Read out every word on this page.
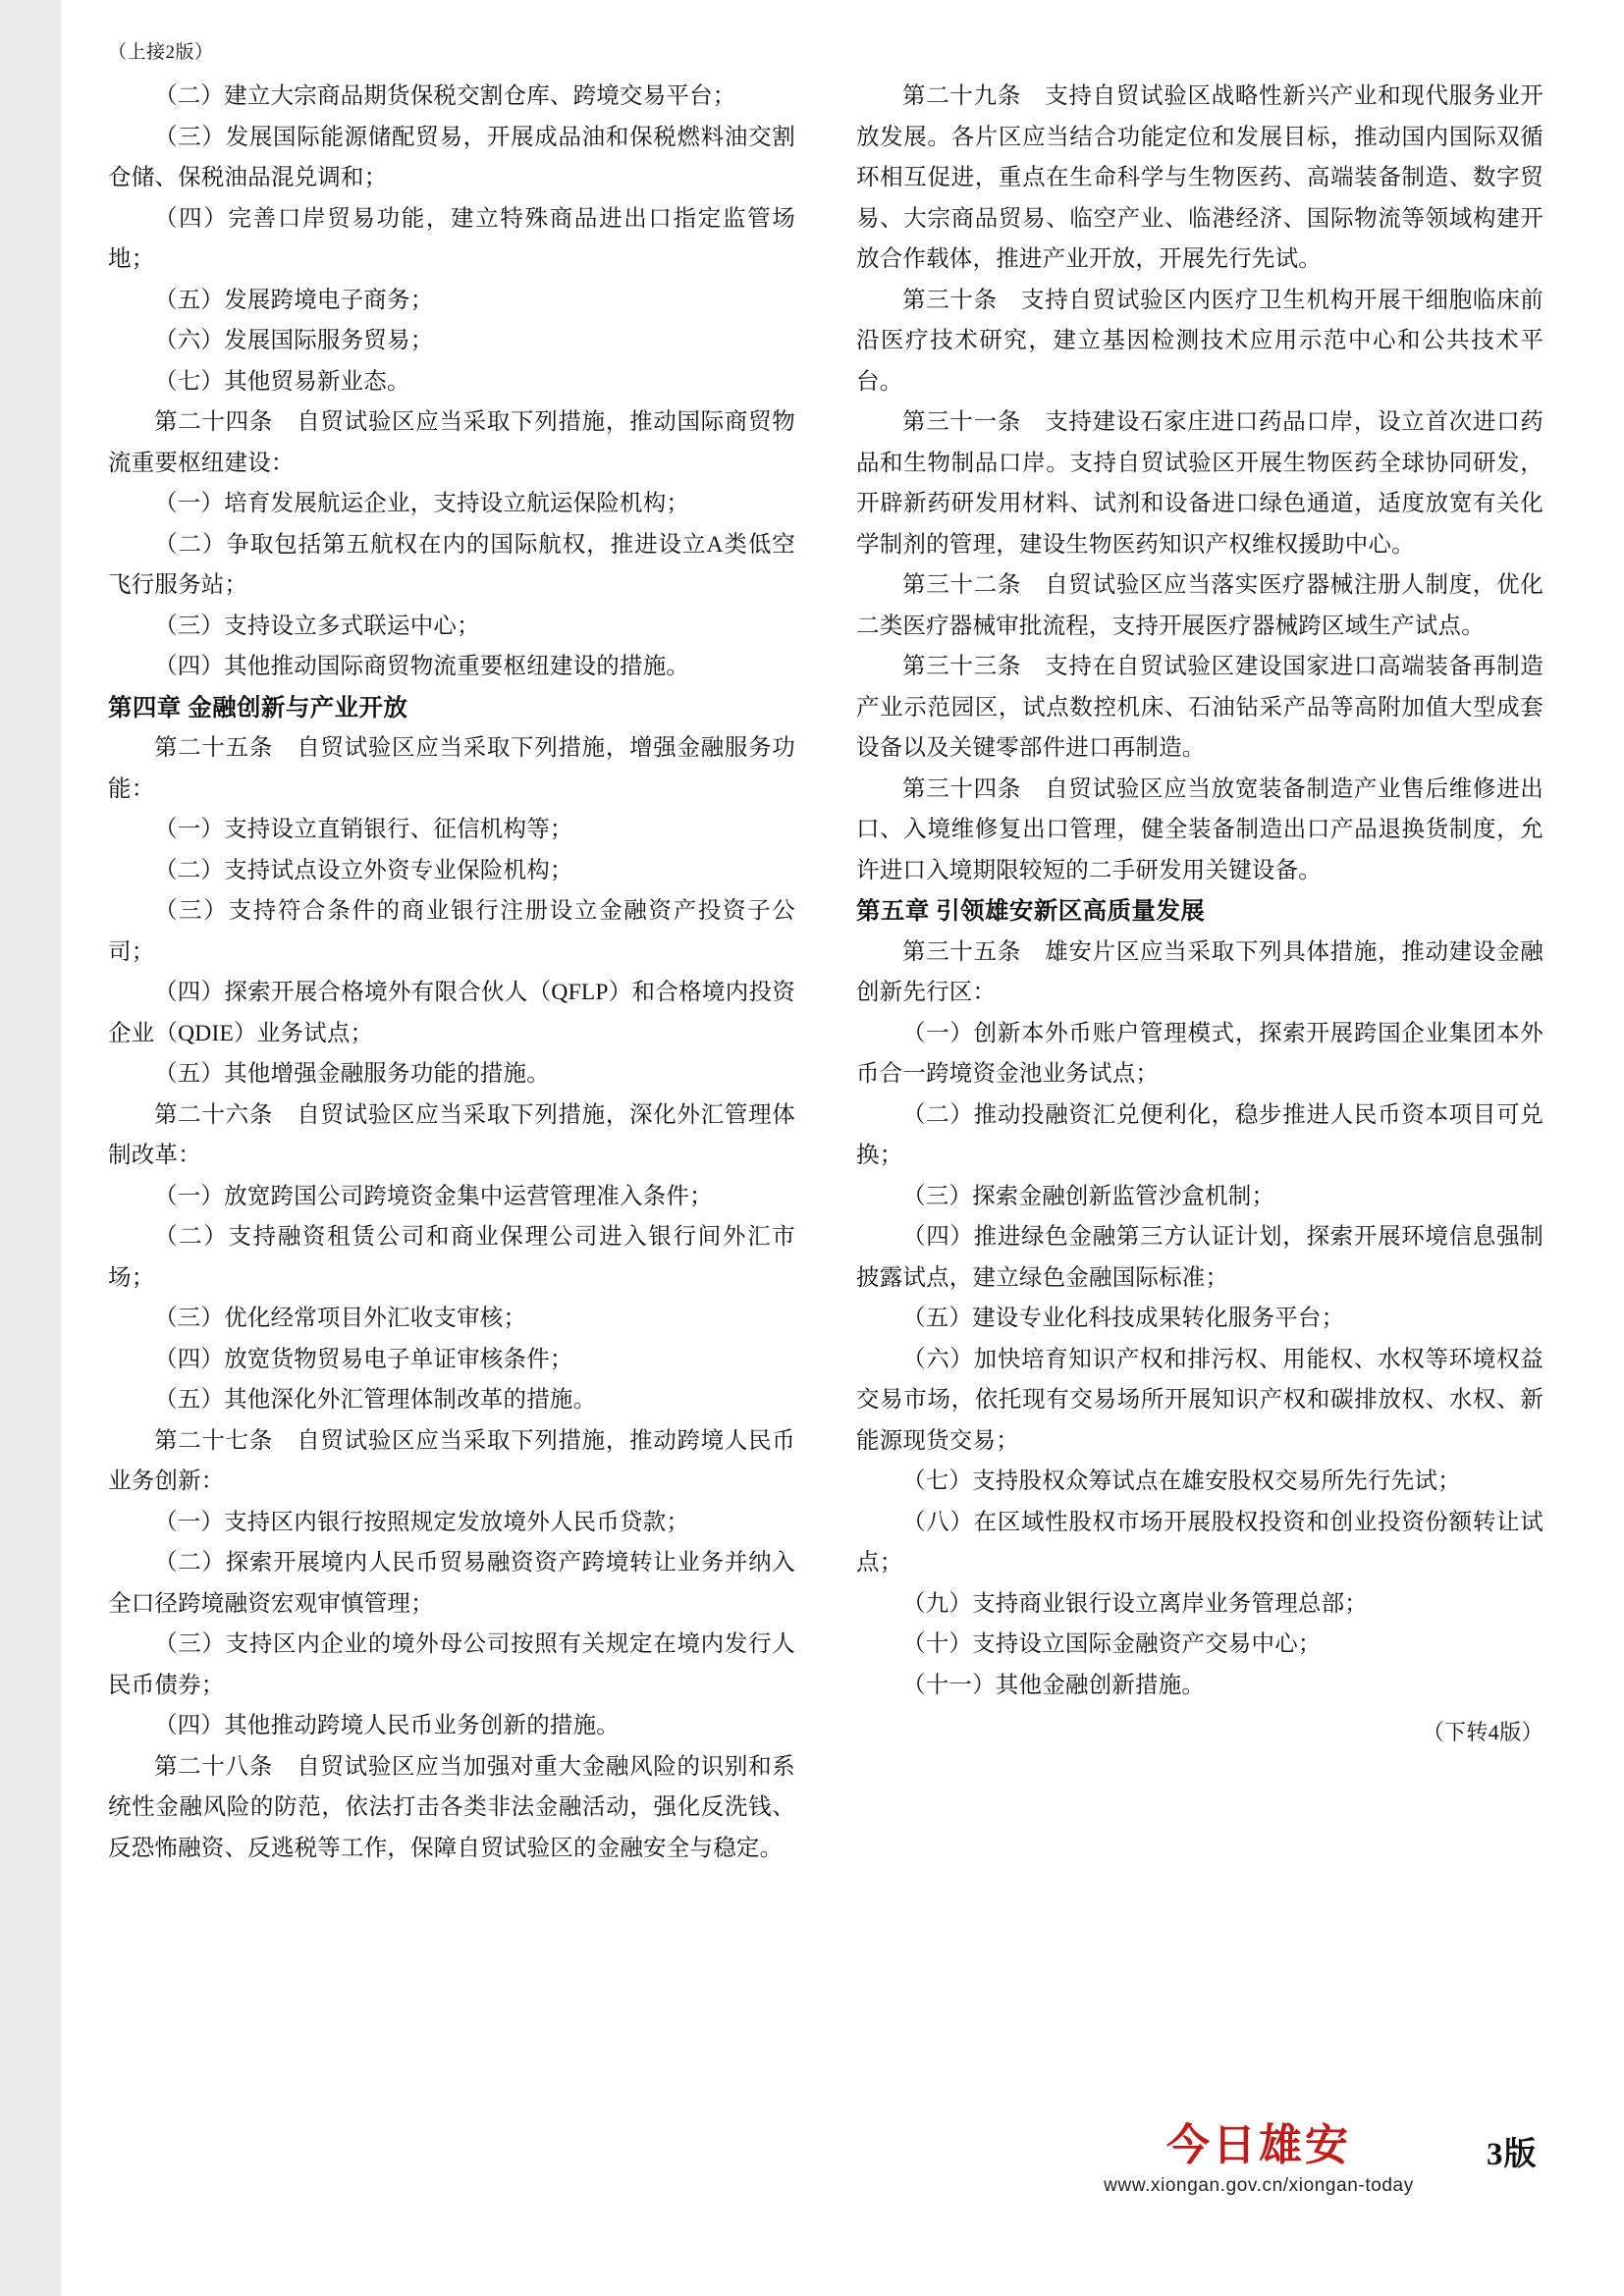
（上接2版）

（二）建立大宗商品期货保税交割仓库、跨境交易平台；

（三）发展国际能源储配贸易，开展成品油和保税燃料油交割仓储、保税油品混兑调和；

（四）完善口岸贸易功能，建立特殊商品进出口指定监管场地；

（五）发展跨境电子商务；

（六）发展国际服务贸易；

（七）其他贸易新业态。

第二十四条　自贸试验区应当采取下列措施，推动国际商贸物流重要枢纽建设：

（一）培育发展航运企业，支持设立航运保险机构；

（二）争取包括第五航权在内的国际航权，推进设立A类低空飞行服务站；

（三）支持设立多式联运中心；

（四）其他推动国际商贸物流重要枢纽建设的措施。

第四章 金融创新与产业开放

第二十五条　自贸试验区应当采取下列措施，增强金融服务功能：

（一）支持设立直销银行、征信机构等；

（二）支持试点设立外资专业保险机构；

（三）支持符合条件的商业银行注册设立金融资产投资子公司；

（四）探索开展合格境外有限合伙人（QFLP）和合格境内投资企业（QDIE）业务试点；

（五）其他增强金融服务功能的措施。

第二十六条　自贸试验区应当采取下列措施，深化外汇管理体制改革：

（一）放宽跨国公司跨境资金集中运营管理准入条件；

（二）支持融资租赁公司和商业保理公司进入银行间外汇市场；

（三）优化经常项目外汇收支审核；

（四）放宽货物贸易电子单证审核条件；

（五）其他深化外汇管理体制改革的措施。

第二十七条　自贸试验区应当采取下列措施，推动跨境人民币业务创新：

（一）支持区内银行按照规定发放境外人民币贷款；

（二）探索开展境内人民币贸易融资资产跨境转让业务并纳入全口径跨境融资宏观审慎管理；

（三）支持区内企业的境外母公司按照有关规定在境内发行人民币债券；

（四）其他推动跨境人民币业务创新的措施。

第二十八条　自贸试验区应当加强对重大金融风险的识别和系统性金融风险的防范，依法打击各类非法金融活动，强化反洗钱、反恐怖融资、反逃税等工作，保障自贸试验区的金融安全与稳定。

第二十九条　支持自贸试验区战略性新兴产业和现代服务业开放发展。各片区应当结合功能定位和发展目标，推动国内国际双循环相互促进，重点在生命科学与生物医药、高端装备制造、数字贸易、大宗商品贸易、临空产业、临港经济、国际物流等领域构建开放合作载体，推进产业开放，开展先行先试。

第三十条　支持自贸试验区内医疗卫生机构开展干细胞临床前沿医疗技术研究，建立基因检测技术应用示范中心和公共技术平台。

第三十一条　支持建设石家庄进口药品口岸，设立首次进口药品和生物制品口岸。支持自贸试验区开展生物医药全球协同研发，开辟新药研发用材料、试剂和设备进口绿色通道，适度放宽有关化学制剂的管理，建设生物医药知识产权维权援助中心。

第三十二条　自贸试验区应当落实医疗器械注册人制度，优化二类医疗器械审批流程，支持开展医疗器械跨区域生产试点。

第三十三条　支持在自贸试验区建设国家进口高端装备再制造产业示范园区，试点数控机床、石油钻采产品等高附加值大型成套设备以及关键零部件进口再制造。

第三十四条　自贸试验区应当放宽装备制造产业售后维修进出口、入境维修复出口管理，健全装备制造出口产品退换货制度，允许进口入境期限较短的二手研发用关键设备。

第五章 引领雄安新区高质量发展

第三十五条　雄安片区应当采取下列具体措施，推动建设金融创新先行区：

（一）创新本外币账户管理模式，探索开展跨国企业集团本外币合一跨境资金池业务试点；

（二）推动投融资汇兑便利化，稳步推进人民币资本项目可兑换；

（三）探索金融创新监管沙盒机制；

（四）推进绿色金融第三方认证计划，探索开展环境信息强制披露试点，建立绿色金融国际标准；

（五）建设专业化科技成果转化服务平台；

（六）加快培育知识产权和排污权、用能权、水权等环境权益交易市场，依托现有交易场所开展知识产权和碳排放权、水权、新能源现货交易；

（七）支持股权众筹试点在雄安股权交易所先行先试；

（八）在区域性股权市场开展股权投资和创业投资份额转让试点；

（九）支持商业银行设立离岸业务管理总部；

（十）支持设立国际金融资产交易中心；

（十一）其他金融创新措施。

（下转4版）
今日雄安
www.xiongan.gov.cn/xiongan-today
3版
